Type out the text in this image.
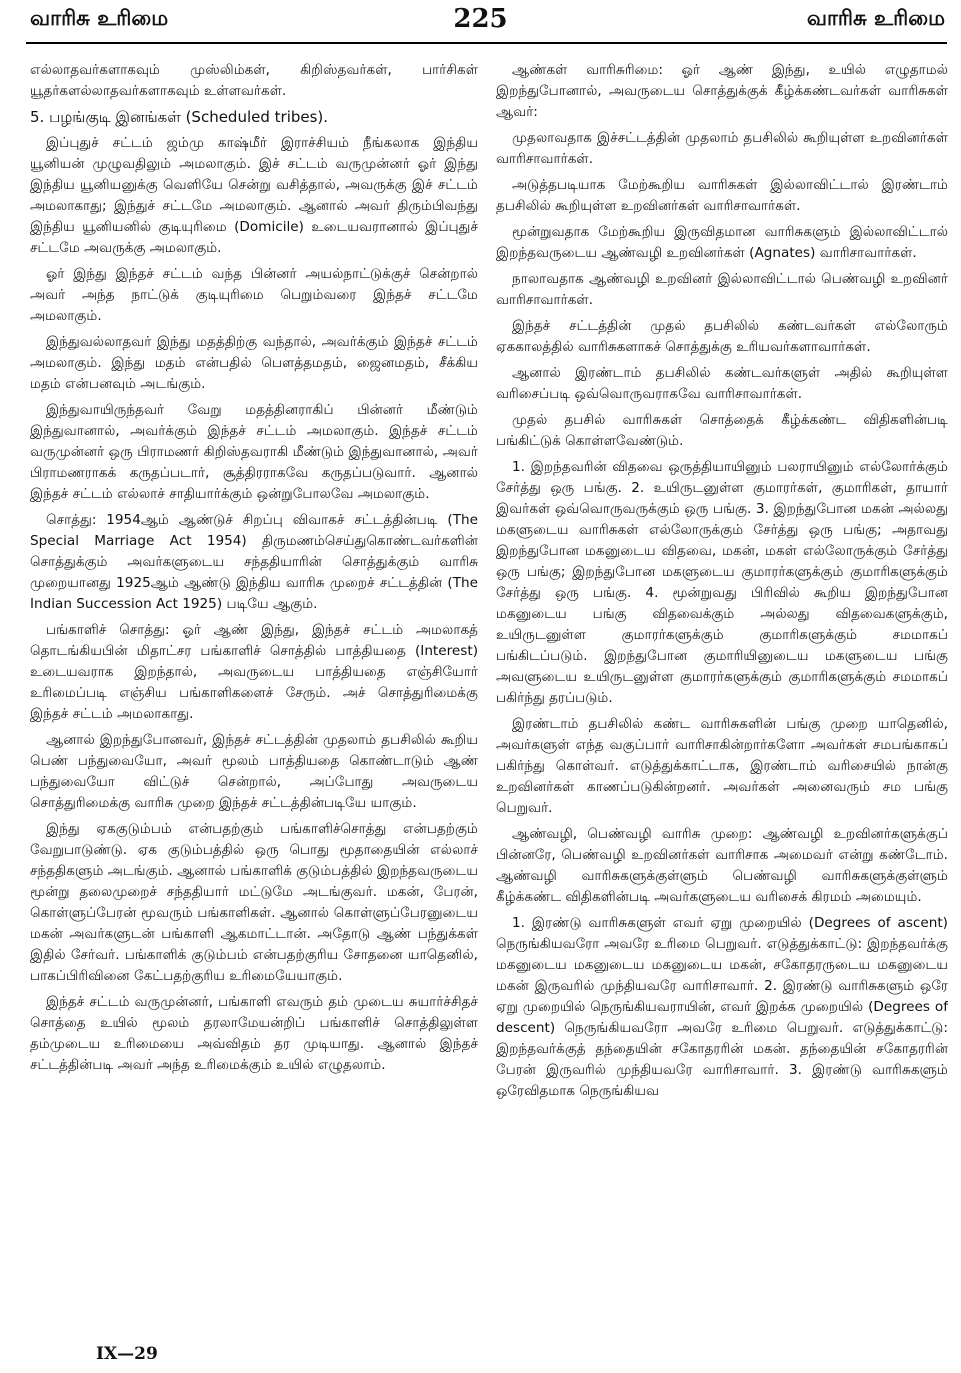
வாரிசு உரிமை	225	வாரிசு உரிமை

எல்லாதவர்களாகவும் முஸ்லிம்கள், கிறிஸ்தவர்கள், பார்சிகள் யூதர்களல்லாதவர்களாகவும் உள்ளவர்கள்.

5. பழங்குடி இனங்கள் (Scheduled tribes).

இப்புதுச் சட்டம் ஜம்மு காஷ்மீர் இராச்சியம் நீங்கலாக இந்திய யூனியன் முழுவதிலும் அமலாகும். இச் சட்டம் வருமுன்னர் ஓர் இந்து இந்திய யூனியனுக்கு வெளியே சென்று வசித்தால், அவருக்கு இச் சட்டம் அமலாகாது; இந்துச் சட்டமே அமலாகும். ஆனால் அவர் திரும்பிவந்து இந்திய யூனியனில் குடியுரிமை (Domicile) உடையவரானால் இப்புதுச் சட்டமே அவருக்கு அமலாகும்.

ஓர் இந்து இந்தச் சட்டம் வந்த பின்னர் அயல்நாட்டுக்குச் சென்றால் அவர் அந்த நாட்டுக் குடியுரிமை பெறும்வரை இந்தச் சட்டமே அமலாகும்.

இந்துவல்லாதவர் இந்து மதத்திற்கு வந்தால், அவர்க்கும் இந்தச் சட்டம் அமலாகும். இந்து மதம் என்பதில் பௌத்தமதம், ஜைனமதம், சீக்கிய மதம் என்பனவும் அடங்கும்.

இந்துவாயிருந்தவர் வேறு மதத்தினராகிப் பின்னர் மீண்டும் இந்துவானால், அவர்க்கும் இந்தச் சட்டம் அமலாகும். இந்தச் சட்டம் வருமுன்னர் ஒரு பிராமணர் கிறிஸ்தவராகி மீண்டும் இந்துவானால், அவர் பிராமணராகக் கருதப்படார், சூத்திரராகவே கருதப்படுவார். ஆனால் இந்தச் சட்டம் எல்லாச் சாதியார்க்கும் ஒன்றுபோலவே அமலாகும்.

சொத்து: 1954ஆம் ஆண்டுச் சிறப்பு விவாகச் சட்டத்தின்படி (The Special Marriage Act 1954) திருமணம்செய்துகொண்டவர்களின் சொத்துக்கும் அவர்களுடைய சந்ததியாரின் சொத்துக்கும் வாரிசு முறையானது 1925ஆம் ஆண்டு இந்திய வாரிசு முறைச் சட்டத்தின் (The Indian Succession Act 1925) படியே ஆகும்.

பங்காளிச் சொத்து: ஓர் ஆண் இந்து, இந்தச் சட்டம் அமலாகத் தொடங்கியபின் மிதாட்சர பங்காளிச் சொத்தில் பாத்தியதை (Interest) உடையவராக இறந்தால், அவருடைய பாத்தியதை எஞ்சியோர் உரிமைப்படி எஞ்சிய பங்காளிகளைச் சேரும். அச் சொத்துரிமைக்கு இந்தச் சட்டம் அமலாகாது.

ஆனால் இறந்துபோனவர், இந்தச் சட்டத்தின் முதலாம் தபசிலில் கூறிய பெண் பந்துவையோ, அவர் மூலம் பாத்தியதை கொண்டாடும் ஆண் பந்துவையோ விட்டுச் சென்றால், அப்போது அவருடைய சொத்துரிமைக்கு வாரிசு முறை இந்தச் சட்டத்தின்படியே யாகும்.

இந்து ஏககுடும்பம் என்பதற்கும் பங்காளிச்சொத்து என்பதற்கும் வேறுபாடுண்டு. ஏக குடும்பத்தில் ஒரு பொது மூதாதையின் எல்லாச் சந்ததிகளும் அடங்கும். ஆனால் பங்காளிக் குடும்பத்தில் இறந்தவருடைய மூன்று தலைமுறைச் சந்ததியார் மட்டுமே அடங்குவர். மகன், பேரன், கொள்ளுப்பேரன் மூவரும் பங்காளிகள். ஆனால் கொள்ளுப்பேரனுடைய மகன் அவர்களுடன் பங்காளி ஆகமாட்டான். அதோடு ஆண் பந்துக்கள் இதில் சேர்வர். பங்காளிக் குடும்பம் என்பதற்குரிய சோதனை யாதெனில், பாகப்பிரிவினை கேட்பதற்குரிய உரிமையேயாகும்.

இந்தச் சட்டம் வருமுன்னர், பங்காளி எவரும் தம் முடைய சுயார்ச்சிதச் சொத்தை உயில் மூலம் தரலாமேயன்றிப் பங்காளிச் சொத்திலுள்ள தம்முடைய உரிமையை அவ்விதம் தர முடியாது. ஆனால் இந்தச் சட்டத்தின்படி அவர் அந்த உரிமைக்கும் உயில் எழுதலாம்.

ஆண்கள் வாரிசுரிமை: ஓர் ஆண் இந்து, உயில் எழுதாமல் இறந்துபோனால், அவருடைய சொத்துக்குக் கீழ்க்கண்டவர்கள் வாரிசுகள் ஆவர்:

முதலாவதாக இச்சட்டத்தின் முதலாம் தபசிலில் கூறியுள்ள உறவினர்கள் வாரிசாவார்கள்.

அடுத்தபடியாக மேற்கூறிய வாரிசுகள் இல்லாவிட்டால் இரண்டாம் தபசிலில் கூறியுள்ள உறவினர்கள் வாரிசாவார்கள்.

மூன்றுவதாக மேற்கூறிய இருவிதமான வாரிசுகளும் இல்லாவிட்டால் இறந்தவருடைய ஆண்வழி உறவினர்கள் (Agnates) வாரிசாவார்கள்.

நாலாவதாக ஆண்வழி உறவினர் இல்லாவிட்டால் பெண்வழி உறவினர் வாரிசாவார்கள்.

இந்தச் சட்டத்தின் முதல் தபசிலில் கண்டவர்கள் எல்லோரும் ஏககாலத்தில் வாரிசுகளாகச் சொத்துக்கு உரியவர்களாவார்கள்.

ஆனால் இரண்டாம் தபசிலில் கண்டவர்களுள் அதில் கூறியுள்ள வரிசைப்படி ஒவ்வொருவராகவே வாரிசாவார்கள்.

முதல் தபசில் வாரிசுகள் சொத்தைக் கீழ்க்கண்ட விதிகளின்படி பங்கிட்டுக் கொள்ளவேண்டும்.

1. இறந்தவரின் விதவை ஒருத்தியாயினும் பலராயினும் எல்லோர்க்கும் சேர்த்து ஒரு பங்கு. 2. உயிருடனுள்ள குமாரர்கள், குமாரிகள், தாயார் இவர்கள் ஒவ்வொருவருக்கும் ஒரு பங்கு. 3. இறந்துபோன மகன் அல்லது மகளுடைய வாரிசுகள் எல்லோருக்கும் சேர்த்து ஒரு பங்கு; அதாவது இறந்துபோன மகனுடைய விதவை, மகன், மகள் எல்லோருக்கும் சேர்த்து ஒரு பங்கு; இறந்துபோன மகளுடைய குமாரர்களுக்கும் குமாரிகளுக்கும் சேர்த்து ஒரு பங்கு. 4. மூன்றுவது பிரிவில் கூறிய இறந்துபோன மகனுடைய பங்கு விதவைக்கும் அல்லது விதவைகளுக்கும், உயிருடனுள்ள குமாரர்களுக்கும் குமாரிகளுக்கும் சமமாகப் பங்கிடப்படும். இறந்துபோன குமாரியினுடைய மகளுடைய பங்கு அவளுடைய உயிருடனுள்ள குமாரர்களுக்கும் குமாரிகளுக்கும் சமமாகப் பகிர்ந்து தரப்படும்.

இரண்டாம் தபசிலில் கண்ட வாரிசுகளின் பங்கு முறை யாதெனில், அவர்களுள் எந்த வகுப்பார் வாரிசாகின்றார்களோ அவர்கள் சமபங்காகப் பகிர்ந்து கொள்வர். எடுத்துக்காட்டாக, இரண்டாம் வரிசையில் நான்கு உறவினர்கள் காணப்படுகின்றனர். அவர்கள் அனைவரும் சம பங்கு பெறுவர்.

ஆண்வழி, பெண்வழி வாரிசு முறை: ஆண்வழி உறவினர்களுக்குப் பின்னரே, பெண்வழி உறவினர்கள் வாரிசாக அமைவர் என்று கண்டோம். ஆண்வழி வாரிசுகளுக்குள்ளும் பெண்வழி வாரிசுகளுக்குள்ளும் கீழ்க்கண்ட விதிகளின்படி அவர்களுடைய வரிசைக் கிரமம் அமையும்.

1. இரண்டு வாரிசுகளுள் எவர் ஏறு முறையில் (Degrees of ascent) நெருங்கியவரோ அவரே உரிமை பெறுவர். எடுத்துக்காட்டு: இறந்தவர்க்கு மகனுடைய மகனுடைய மகனுடைய மகன், சகோதரருடைய மகனுடைய மகன் இருவரில் முந்தியவரே வாரிசாவார். 2. இரண்டு வாரிசுகளும் ஒரே ஏறு முறையில் நெருங்கியவராயின், எவர் இறக்க முறையில் (Degrees of descent) நெருங்கியவரோ அவரே உரிமை பெறுவர். எடுத்துக்காட்டு: இறந்தவர்க்குத் தந்தையின் சகோதரரின் மகன். தந்தையின் சகோதரரின் பேரன் இருவரில் முந்தியவரே வாரிசாவார். 3. இரண்டு வாரிசுகளும் ஒரேவிதமாக நெருங்கியவ

IX—29
